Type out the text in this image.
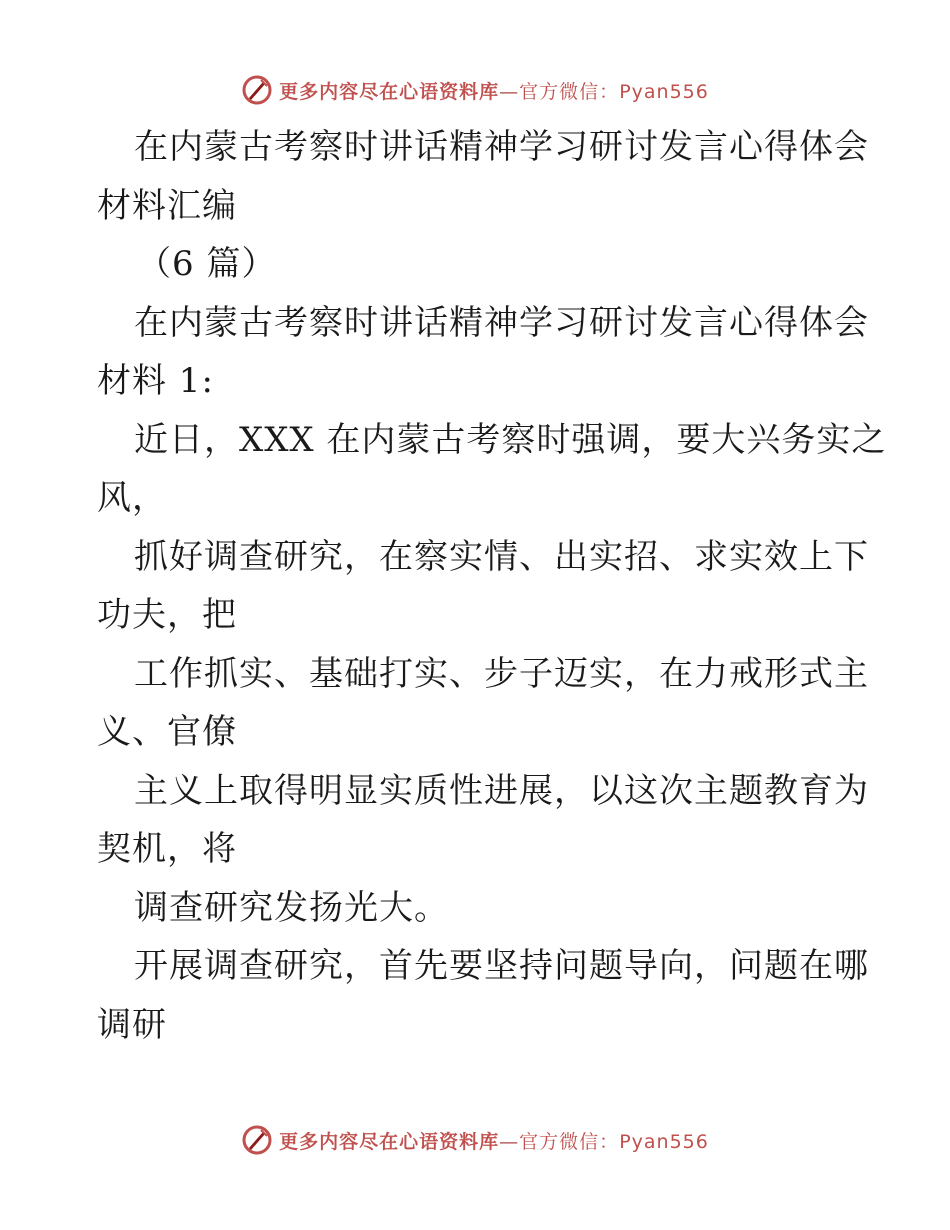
更多内容尽在心语资料库—官方微信：Pyan556
在内蒙古考察时讲话精神学习研讨发言心得体会
材料汇编
（6 篇）
在内蒙古考察时讲话精神学习研讨发言心得体会
材料 1:
近日，XXX 在内蒙古考察时强调，要大兴务实之
风，
抓好调查研究，在察实情、出实招、求实效上下
功夫，把
工作抓实、基础打实、步子迈实，在力戒形式主
义、官僚
主义上取得明显实质性进展，以这次主题教育为
契机，将
调查研究发扬光大。
开展调查研究，首先要坚持问题导向，问题在哪
调研
更多内容尽在心语资料库—官方微信：Pyan556
